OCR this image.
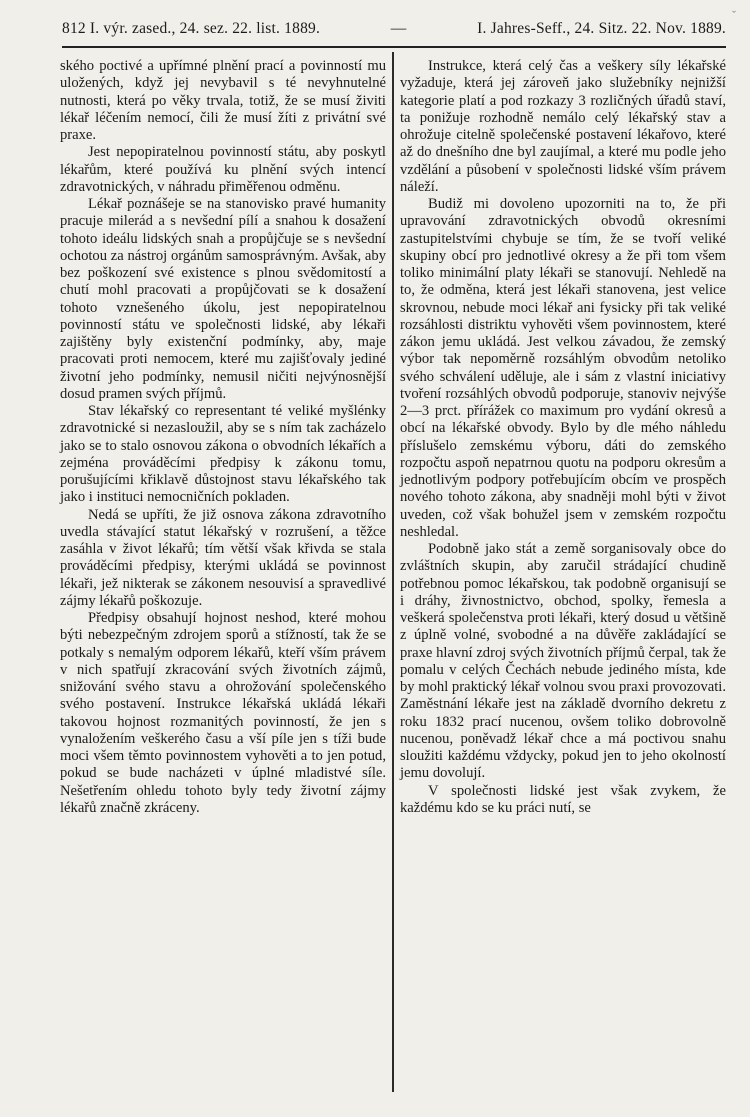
ˇ
812 I. výr. zased., 24. sez. 22. list. 1889.	—	I. Jahres-Seff., 24. Sitz. 22. Nov. 1889.

ského poctivé a upřímné plnění prací a povinností mu uložených, když jej nevybavil s té nevyhnutelné nutnosti, která po věky trvala, totiž, že se musí živiti lékař léčením nemocí, čili že musí žíti z privátní své praxe.

Jest nepopiratelnou povinností státu, aby poskytl lékařům, které používá ku plnění svých intencí zdravotnických, v náhradu přiměřenou odměnu.

Lékař poznášeje se na stanovisko pravé humanity pracuje milerád a s nevšední pílí a snahou k dosažení tohoto ideálu lidských snah a propůjčuje se s nevšední ochotou za nástroj orgánům samosprávným. Avšak, aby bez poškození své existence s plnou svědomitostí a chutí mohl pracovati a propůjčovati se k dosažení tohoto vznešeného úkolu, jest nepopiratelnou povinností státu ve společnosti lidské, aby lékaři zajištěny byly existenční podmínky, aby, maje pracovati proti nemocem, které mu zajišťovaly jediné životní jeho podmínky, nemusil ničiti nejvýnosnější dosud pramen svých příjmů.

Stav lékařský co representant té veliké myšlénky zdravotnické si nezasloužil, aby se s ním tak zacházelo jako se to stalo osnovou zákona o obvodních lékařích a zejména prováděcími předpisy k zákonu tomu, porušujícími křiklavě důstojnost stavu lékařského tak jako i instituci nemocničních pokladen.

Nedá se upříti, že již osnova zákona zdravotního uvedla stávající statut lékařský v rozrušení, a těžce zasáhla v život lékařů; tím větší však křivda se stala prováděcími předpisy, kterými ukládá se povinnost lékaři, jež nikterak se zákonem nesouvisí a spravedlivé zájmy lékařů poškozuje.

Předpisy obsahují hojnost neshod, které mohou býti nebezpečným zdrojem sporů a stížností, tak že se potkaly s nemalým odporem lékařů, kteří vším právem v nich spatřují zkracování svých životních zájmů, snižování svého stavu a ohrožování společenského svého postavení. Instrukce lékařská ukládá lékaři takovou hojnost rozmanitých povinností, že jen s vynaložením veškerého času a vší píle jen s tíži bude moci všem těmto povinnostem vyhověti a to jen potud, pokud se bude nacházeti v úplné mladistvé síle. Nešetřením ohledu tohoto byly tedy životní zájmy lékařů značně zkráceny.

Instrukce, která celý čas a veškery síly lékařské vyžaduje, která jej zároveň jako služebníky nejnižší kategorie platí a pod rozkazy 3 rozličných úřadů staví, ta ponižuje rozhodně nemálo celý lékařský stav a ohrožuje citelně společenské postavení lékařovo, které až do dnešního dne byl zaujímal, a které mu podle jeho vzdělání a působení v společnosti lidské vším právem náleží.

Budiž mi dovoleno upozorniti na to, že při upravování zdravotnických obvodů okresními zastupitelstvími chybuje se tím, že se tvoří veliké skupiny obcí pro jednotlivé okresy a že při tom všem toliko minimální platy lékaři se stanovují. Nehledě na to, že odměna, která jest lékaři stanovena, jest velice skrovnou, nebude moci lékař ani fysicky při tak veliké rozsáhlosti distriktu vyhověti všem povinnostem, které zákon jemu ukládá. Jest velkou závadou, že zemský výbor tak nepoměrně rozsáhlým obvodům netoliko svého schválení uděluje, ale i sám z vlastní iniciativy tvoření rozsáhlých obvodů podporuje, stanoviv nejvýše 2—3 prct. přírážek co maximum pro vydání okresů a obcí na lékařské obvody. Bylo by dle mého náhledu příslušelo zemskému výboru, dáti do zemského rozpočtu aspoň nepatrnou quotu na podporu okresům a jednotlivým podpory potřebujícím obcím ve prospěch nového tohoto zákona, aby snadněji mohl býti v život uveden, což však bohužel jsem v zemském rozpočtu neshledal.

Podobně jako stát a země sorganisovaly obce do zvláštních skupin, aby zaručil strádající chudině potřebnou pomoc lékařskou, tak podobně organisují se i dráhy, živnostnictvo, obchod, spolky, řemesla a veškerá společenstva proti lékaři, který dosud u většině z úplně volné, svobodné a na důvěře zakládající se praxe hlavní zdroj svých životních příjmů čerpal, tak že pomalu v celých Čechách nebude jediného místa, kde by mohl praktický lékař volnou svou praxi provozovati. Zaměstnání lékaře jest na základě dvorního dekretu z roku 1832 prací nucenou, ovšem toliko dobrovolně nucenou, poněvadž lékař chce a má poctivou snahu sloužiti každému vždycky, pokud jen to jeho okolností jemu dovolují.

V společnosti lidské jest však zvykem, že každému kdo se ku práci nutí, se
